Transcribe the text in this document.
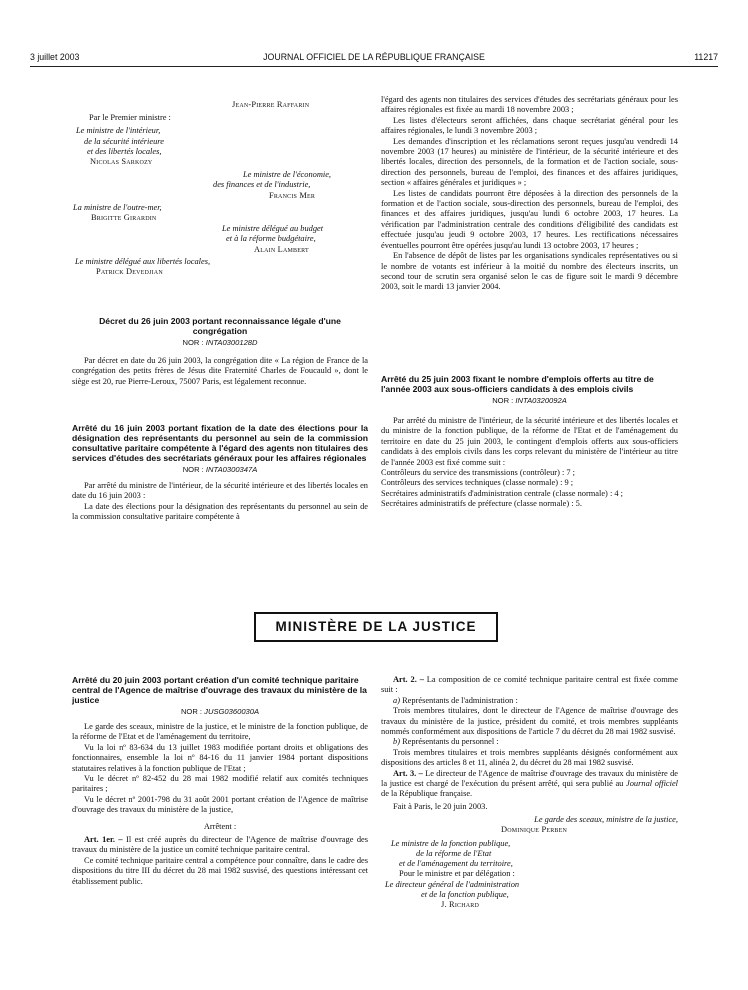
3 juillet 2003	JOURNAL OFFICIEL DE LA RÉPUBLIQUE FRANÇAISE	11217

Jean-Pierre Raffarin

Par le Premier ministre :

Le ministre de l'intérieur,

de la sécurité intérieure

et des libertés locales,

Nicolas Sarkozy

Le ministre de l'économie,

des finances et de l'industrie,

Francis Mer

La ministre de l'outre-mer,

Brigitte Girardin

Le ministre délégué au budget

et à la réforme budgétaire,

Alain Lambert

Le ministre délégué aux libertés locales,

Patrick Devedjian

Décret du 26 juin 2003 portant reconnaissance légale d'une congrégation

NOR : INTA0300128D

Par décret en date du 26 juin 2003, la congrégation dite « La région de France de la congrégation des petits frères de Jésus dite Fraternité Charles de Foucauld », dont le siège est 20, rue Pierre-Leroux, 75007 Paris, est légalement reconnue.

Arrêté du 16 juin 2003 portant fixation de la date des élections pour la désignation des représentants du personnel au sein de la commission consultative paritaire compétente à l'égard des agents non titulaires des services d'études des secrétariats généraux pour les affaires régionales

NOR : INTA0300347A

Par arrêté du ministre de l'intérieur, de la sécurité intérieure et des libertés locales en date du 16 juin 2003 :

La date des élections pour la désignation des représentants du personnel au sein de la commission consultative paritaire compétente à

l'égard des agents non titulaires des services d'études des secrétariats généraux pour les affaires régionales est fixée au mardi 18 novembre 2003 ;

Les listes d'électeurs seront affichées, dans chaque secrétariat général pour les affaires régionales, le lundi 3 novembre 2003 ;

Les demandes d'inscription et les réclamations seront reçues jusqu'au vendredi 14 novembre 2003 (17 heures) au ministère de l'intérieur, de la sécurité intérieure et des libertés locales, direction des personnels, de la formation et de l'action sociale, sous-direction des personnels, bureau de l'emploi, des finances et des affaires juridiques, section « affaires générales et juridiques » ;

Les listes de candidats pourront être déposées à la direction des personnels de la formation et de l'action sociale, sous-direction des personnels, bureau de l'emploi, des finances et des affaires juridiques, jusqu'au lundi 6 octobre 2003, 17 heures. La vérification par l'administration centrale des conditions d'éligibilité des candidats est effectuée jusqu'au jeudi 9 octobre 2003, 17 heures. Les rectifications nécessaires éventuelles pourront être opérées jusqu'au lundi 13 octobre 2003, 17 heures ;

En l'absence de dépôt de listes par les organisations syndicales représentatives ou si le nombre de votants est inférieur à la moitié du nombre des électeurs inscrits, un second tour de scrutin sera organisé selon le cas de figure soit le mardi 9 décembre 2003, soit le mardi 13 janvier 2004.

Arrêté du 25 juin 2003 fixant le nombre d'emplois offerts au titre de l'année 2003 aux sous-officiers candidats à des emplois civils

NOR : INTA0320092A

Par arrêté du ministre de l'intérieur, de la sécurité intérieure et des libertés locales et du ministre de la fonction publique, de la réforme de l'Etat et de l'aménagement du territoire en date du 25 juin 2003, le contingent d'emplois offerts aux sous-officiers candidats à des emplois civils dans les corps relevant du ministère de l'intérieur au titre de l'année 2003 est fixé comme suit :

Contrôleurs du service des transmissions (contrôleur) : 7 ;

Contrôleurs des services techniques (classe normale) : 9 ;

Secrétaires administratifs d'administration centrale (classe normale) : 4 ;

Secrétaires administratifs de préfecture (classe normale) : 5.

MINISTÈRE DE LA JUSTICE

Arrêté du 20 juin 2003 portant création d'un comité technique paritaire central de l'Agence de maîtrise d'ouvrage des travaux du ministère de la justice

NOR : JUSG0360030A

Le garde des sceaux, ministre de la justice, et le ministre de la fonction publique, de la réforme de l'Etat et de l'aménagement du territoire,

Vu la loi nº 83-634 du 13 juillet 1983 modifiée portant droits et obligations des fonctionnaires, ensemble la loi nº 84-16 du 11 janvier 1984 portant dispositions statutaires relatives à la fonction publique de l'Etat ;

Vu le décret nº 82-452 du 28 mai 1982 modifié relatif aux comités techniques paritaires ;

Vu le décret nº 2001-798 du 31 août 2001 portant création de l'Agence de maîtrise d'ouvrage des travaux du ministère de la justice,

Arrêtent :

Art. 1er. – Il est créé auprès du directeur de l'Agence de maîtrise d'ouvrage des travaux du ministère de la justice un comité technique paritaire central.

Ce comité technique paritaire central a compétence pour connaître, dans le cadre des dispositions du titre III du décret du 28 mai 1982 susvisé, des questions intéressant cet établissement public.

Art. 2. – La composition de ce comité technique paritaire central est fixée comme suit :

a) Représentants de l'administration :

Trois membres titulaires, dont le directeur de l'Agence de maîtrise d'ouvrage des travaux du ministère de la justice, président du comité, et trois membres suppléants nommés conformément aux dispositions de l'article 7 du décret du 28 mai 1982 susvisé.

b) Représentants du personnel :

Trois membres titulaires et trois membres suppléants désignés conformément aux dispositions des articles 8 et 11, alinéa 2, du décret du 28 mai 1982 susvisé.

Art. 3. – Le directeur de l'Agence de maîtrise d'ouvrage des travaux du ministère de la justice est chargé de l'exécution du présent arrêté, qui sera publié au Journal officiel de la République française.

Fait à Paris, le 20 juin 2003.

Le garde des sceaux, ministre de la justice,

Dominique Perben

Le ministre de la fonction publique,

de la réforme de l'Etat

et de l'aménagement du territoire,

Pour le ministre et par délégation :

Le directeur général de l'administration

et de la fonction publique,

J. Richard
